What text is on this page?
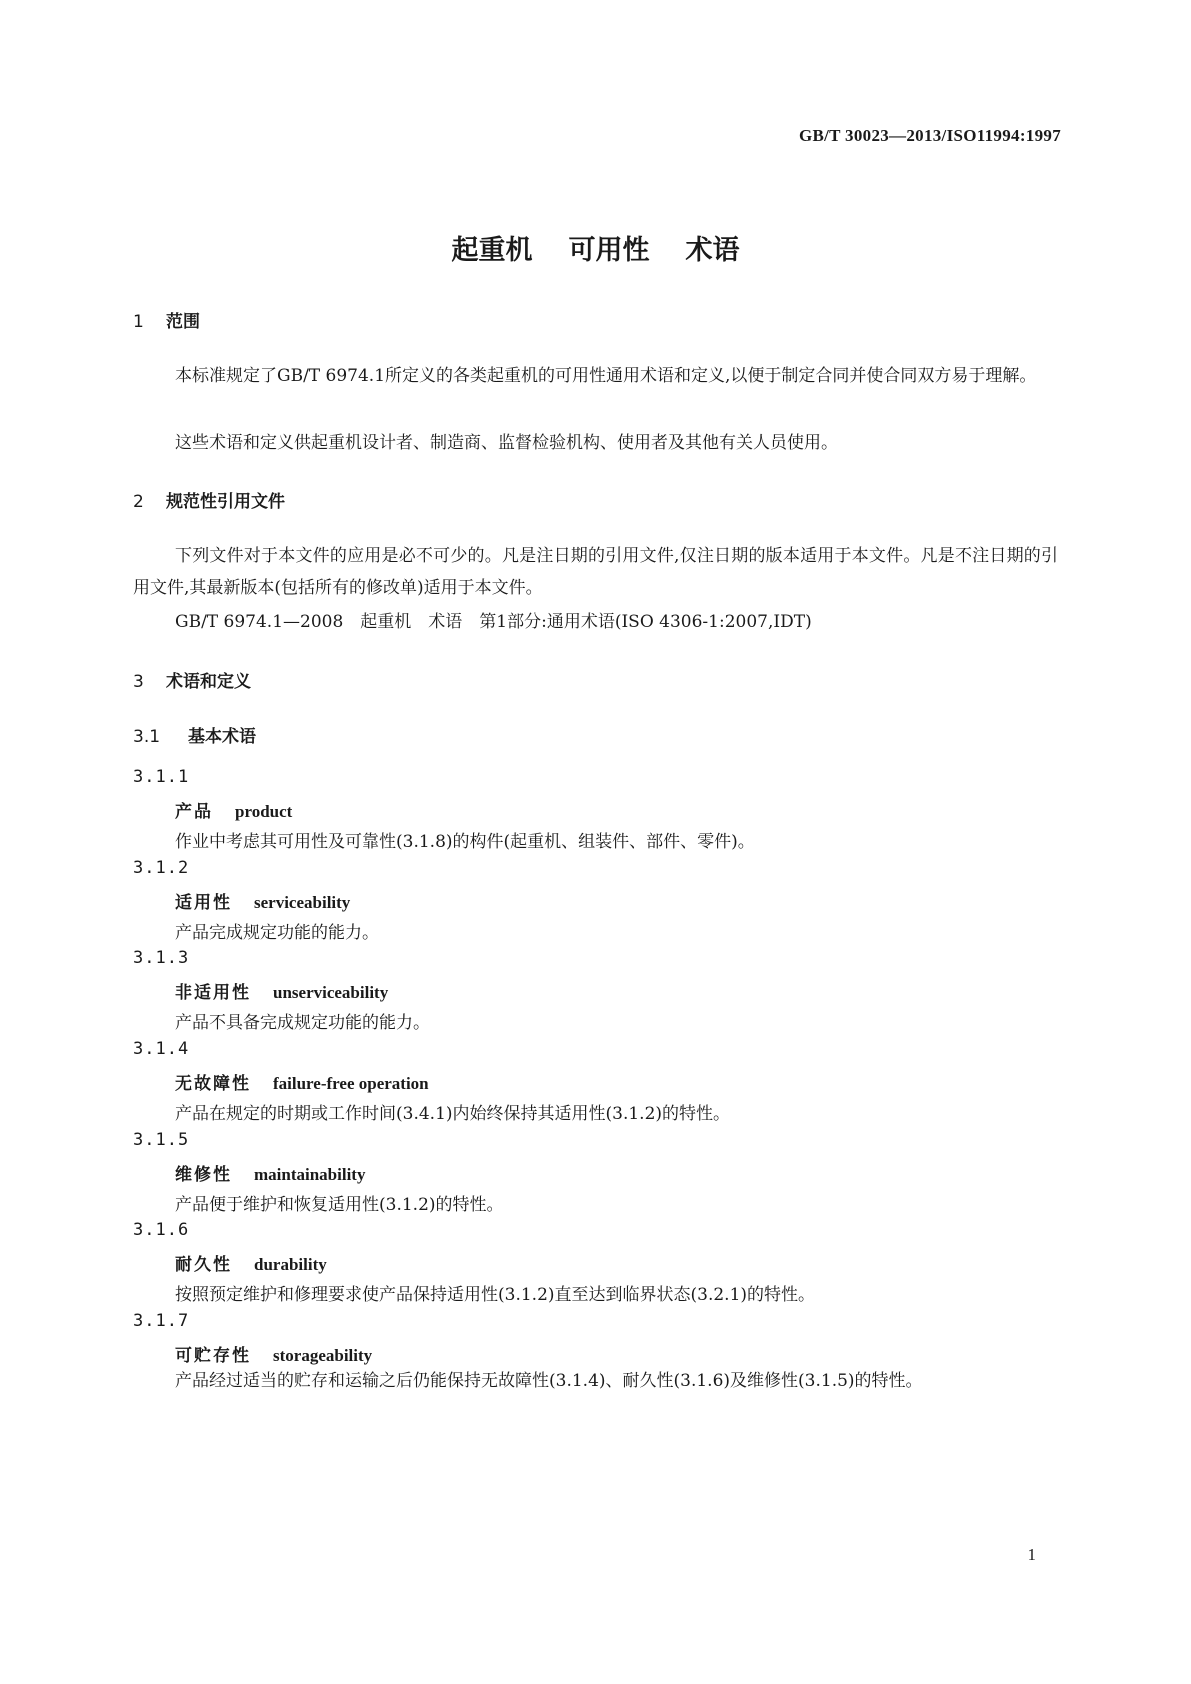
GB/T 30023—2013/ISO11994:1997
起重机 可用性 术语
1 范围
本标准规定了GB/T 6974.1所定义的各类起重机的可用性通用术语和定义,以便于制定合同并使合同双方易于理解。
这些术语和定义供起重机设计者、制造商、监督检验机构、使用者及其他有关人员使用。
2 规范性引用文件
下列文件对于本文件的应用是必不可少的。凡是注日期的引用文件,仅注日期的版本适用于本文件。凡是不注日期的引用文件,其最新版本(包括所有的修改单)适用于本文件。
GB/T 6974.1—2008　起重机　术语　第1部分:通用术语(ISO 4306-1:2007,IDT)
3 术语和定义
3.1 基本术语
3.1.1
产品 product
作业中考虑其可用性及可靠性(3.1.8)的构件(起重机、组装件、部件、零件)。
3.1.2
适用性 serviceability
产品完成规定功能的能力。
3.1.3
非适用性 unserviceability
产品不具备完成规定功能的能力。
3.1.4
无故障性 failure-free operation
产品在规定的时期或工作时间(3.4.1)内始终保持其适用性(3.1.2)的特性。
3.1.5
维修性 maintainability
产品便于维护和恢复适用性(3.1.2)的特性。
3.1.6
耐久性 durability
按照预定维护和修理要求使产品保持适用性(3.1.2)直至达到临界状态(3.2.1)的特性。
3.1.7
可贮存性 storageability
产品经过适当的贮存和运输之后仍能保持无故障性(3.1.4)、耐久性(3.1.6)及维修性(3.1.5)的特性。
1
